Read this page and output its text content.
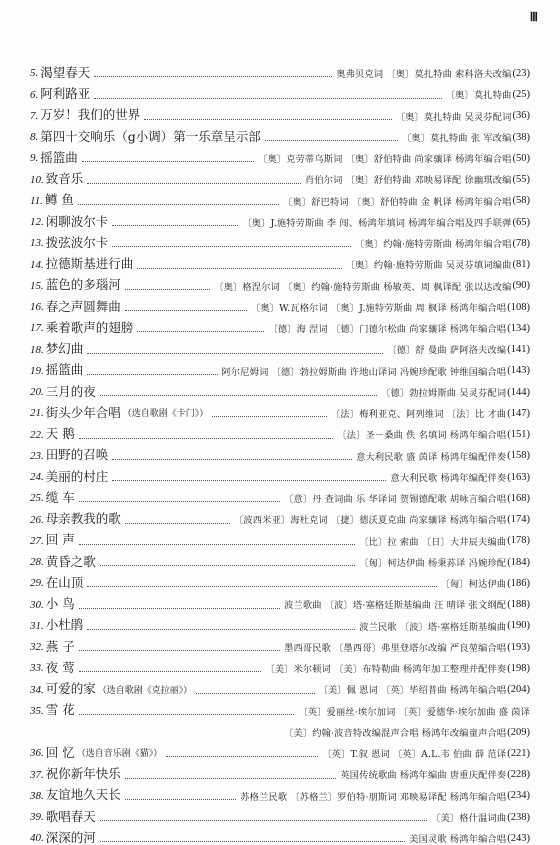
Ⅲ
5. 渴望春天	奥弗贝克词 〔奥〕莫扎特曲 索科洛夫改编 (23)
6. 阿利路亚	〔奥〕莫扎特曲 (25)
7. 万岁！我们的世界	〔奥〕莫扎特曲 吴灵芬配词 (36)
8. 第四十交响乐（g小调）第一乐章呈示部	〔奥〕莫扎特曲 张 军改编 (38)
9. 摇篮曲	〔奥〕克劳蒂乌斯词 〔奥〕舒伯特曲 尚家骧译 杨鸿年编合唱 (50)
10. 致音乐	肖伯尔词 〔奥〕舒伯特曲 邓映易译配 徐幽琪改编 (55)
11. 鳟 鱼	〔奥〕舒巴特词 〔奥〕舒伯特曲 金 帆译 杨鸿年编合唱 (58)
12. 闲聊波尔卡	〔奥〕J.施特劳斯曲 李 闯、杨鸿年填词 杨鸿年编合唱及四手联弹 (65)
13. 拨弦波尔卡	〔奥〕约翰·施特劳斯曲 杨鸿年编合唱 (78)
14. 拉德斯基进行曲	〔奥〕约翰·施特劳斯曲 吴灵芬填词编曲 (81)
15. 蓝色的多瑙河	〔奥〕格涅尔词 〔奥〕约翰·施特劳斯曲 杨敏英、周 枫译配 张以达改编 (90)
16. 春之声圆舞曲	〔奥〕W.瓦格尔词 〔奥〕J.施特劳斯曲 周 枫译 杨鸿年编合唱 (108)
17. 乘着歌声的翅膀	〔德〕海 涅词 〔德〕门德尔松曲 尚家骧译 杨鸿年编合唱 (134)
18. 梦幻曲	〔德〕舒 曼曲 萨阿洛夫改编 (141)
19. 摇篮曲	阿尔尼姆词 〔德〕勃拉姆斯曲 许地山译词 冯婉珍配歌 钟维国编合唱 (143)
20. 三月的夜	〔德〕勃拉姆斯曲 吴灵芬配词 (144)
21. 街头少年合唱 （选自歌剧《卡门》）	〔法〕梅利亚克、阿列维词 〔法〕比 才曲 (147)
22. 天 鹅	〔法〕圣－桑曲 佚 名填词 杨鸿年编合唱 (151)
23. 田野的召唤	意大利民歌 盛 茵译 杨鸿年编配伴奏 (158)
24. 美丽的村庄	意大利民歌 杨鸿年编配伴奏 (163)
25. 缆 车	〔意〕丹 查词曲 乐 华译词 贺锡德配歌 胡咏言编合唱 (168)
26. 母亲教我的歌	〔波西米亚〕海杜克词 〔捷〕德沃夏克曲 尚家骧译 杨鸿年编合唱 (174)
27. 回 声	〔比〕拉 索曲 〔日〕大井辰夫编曲 (178)
28. 黄昏之歌	〔匈〕柯达伊曲 杨秉荪译 冯婉珍配 (184)
29. 在山顶	〔匈〕柯达伊曲 (186)
30. 小 鸟	波兰歌曲 〔波〕塔·塞格廷斯基编曲 汪 晴译 张文纲配 (188)
31. 小杜鹃	波兰民歌 〔波〕塔·塞格廷斯基编曲 (190)
32. 燕 子	墨西哥民歌 〔墨西哥〕弗里登塔尔改编 严良堃编合唱 (193)
33. 夜 莺	〔美〕米尔顿词 〔美〕布特勒曲 杨鸿年加工整理并配伴奏 (198)
34. 可爱的家 （选自歌剧《克拉丽》）	〔美〕佩 恩词 〔英〕毕绍普曲 杨鸿年编合唱 (204)
35. 雪 花	〔英〕爱丽丝·埃尔加词 〔英〕爱德华·埃尔加曲 盛 茵译
〔美〕约翰·波音特改编混声合唱 杨鸿年改编童声合唱 (209)
36. 回 忆 （选自音乐剧《猫》）	〔英〕T.叙 恩词 〔英〕A.L.韦 伯曲 薛 范译 (221)
37. 祝你新年快乐	英国传统歌曲 杨鸿年编曲 唐重庆配伴奏 (228)
38. 友谊地久天长	苏格兰民歌 〔苏格兰〕罗伯特·朋斯词 邓映易译配 杨鸿年编合唱 (234)
39. 歌唱春天	〔美〕格什温词曲 (238)
40. 深深的河	美国灵歌 杨鸿年编合唱 (243)
